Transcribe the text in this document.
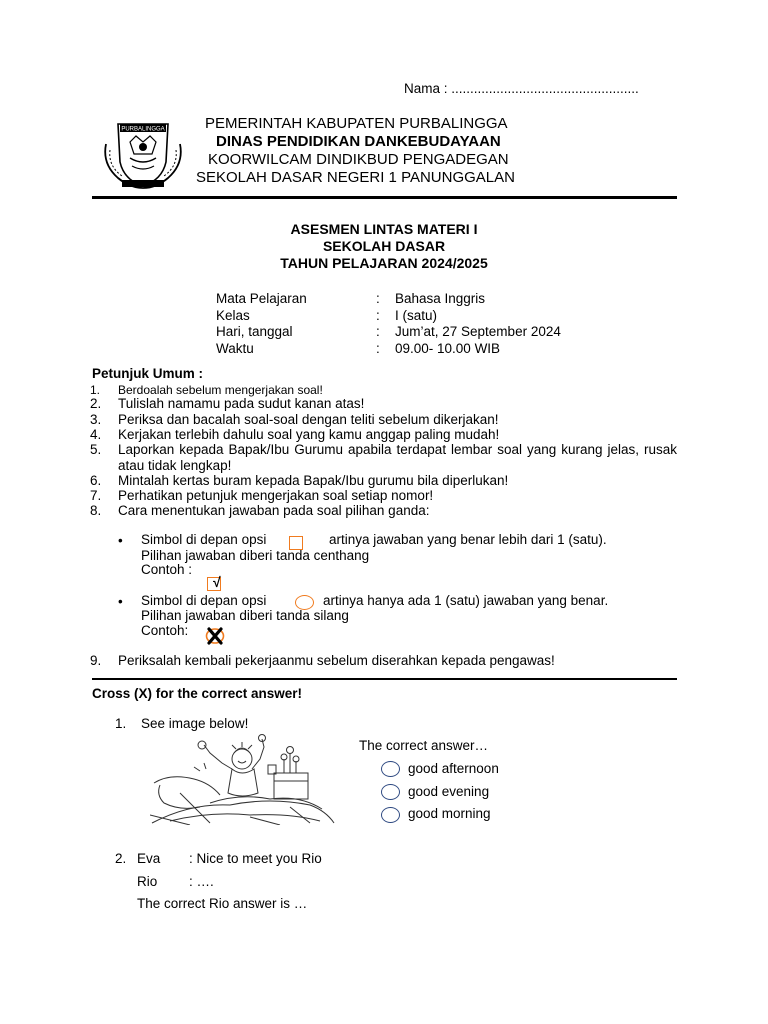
Nama : ..................................................
PURBALINGGA	PEMERINTAH KABUPATEN PURBALINGGA
DINAS PENDIDIKAN DANKEBUDAYAAN
KOORWILCAM DINDIKBUD PENGADEGAN
SEKOLAH DASAR NEGERI 1 PANUNGGALAN
ASESMEN LINTAS MATERI I
SEKOLAH DASAR
TAHUN PELAJARAN 2024/2025
Mata Pelajaran	: Bahasa Inggris
Kelas	: I (satu)
Hari, tanggal	: Jum’at, 27 September 2024
Waktu	: 09.00- 10.00 WIB
Petunjuk Umum :
1. Berdoalah sebelum mengerjakan soal!
2. Tulislah namamu pada sudut kanan atas!
3. Periksa dan bacalah soal-soal dengan teliti sebelum dikerjakan!
4. Kerjakan terlebih dahulu soal yang kamu anggap paling mudah!
5. Laporkan kepada Bapak/Ibu Gurumu apabila terdapat lembar soal yang kurang jelas, rusak atau tidak lengkap!
6. Mintalah kertas buram kepada Bapak/Ibu gurumu bila diperlukan!
7. Perhatikan petunjuk mengerjakan soal setiap nomor!
8. Cara menentukan jawaban pada soal pilihan ganda:
• Simbol di depan opsi	artinya jawaban yang benar lebih dari 1 (satu).
Pilihan jawaban diberi tanda centhang
Contoh :
√
• Simbol di depan opsi	artinya hanya ada 1 (satu) jawaban yang benar.
Pilihan jawaban diberi tanda silang
Contoh:
9. Periksalah kembali pekerjaanmu sebelum diserahkan kepada pengawas!
Cross (X) for the correct answer!
1. See image below!
The correct answer…
good afternoon
good evening
good morning
2. Eva : Nice to meet you Rio
Rio : ….
The correct Rio answer is …
